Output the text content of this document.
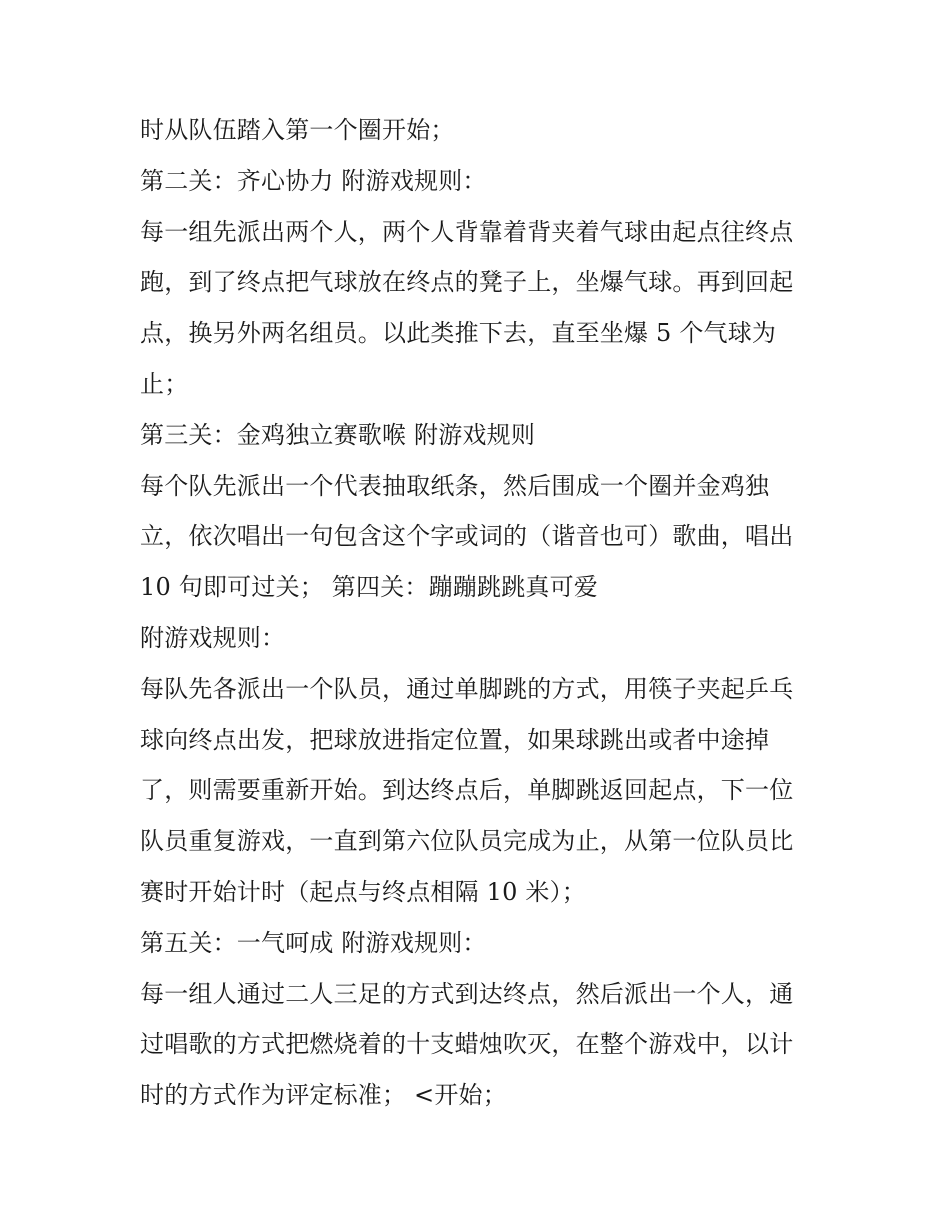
时从队伍踏入第一个圈开始；
第二关：齐心协力 附游戏规则：
每一组先派出两个人，两个人背靠着背夹着气球由起点往终点
跑，到了终点把气球放在终点的凳子上，坐爆气球。再到回起
点，换另外两名组员。以此类推下去，直至坐爆 5 个气球为
止；
第三关：金鸡独立赛歌喉 附游戏规则
每个队先派出一个代表抽取纸条，然后围成一个圈并金鸡独
立，依次唱出一句包含这个字或词的（谐音也可）歌曲，唱出
10 句即可过关； 第四关：蹦蹦跳跳真可爱
附游戏规则：
每队先各派出一个队员，通过单脚跳的方式，用筷子夹起乒乓
球向终点出发，把球放进指定位置，如果球跳出或者中途掉
了，则需要重新开始。到达终点后，单脚跳返回起点，下一位
队员重复游戏，一直到第六位队员完成为止，从第一位队员比
赛时开始计时（起点与终点相隔 10 米）；
第五关：一气呵成 附游戏规则：
每一组人通过二人三足的方式到达终点，然后派出一个人，通
过唱歌的方式把燃烧着的十支蜡烛吹灭，在整个游戏中，以计
时的方式作为评定标准； <开始；
